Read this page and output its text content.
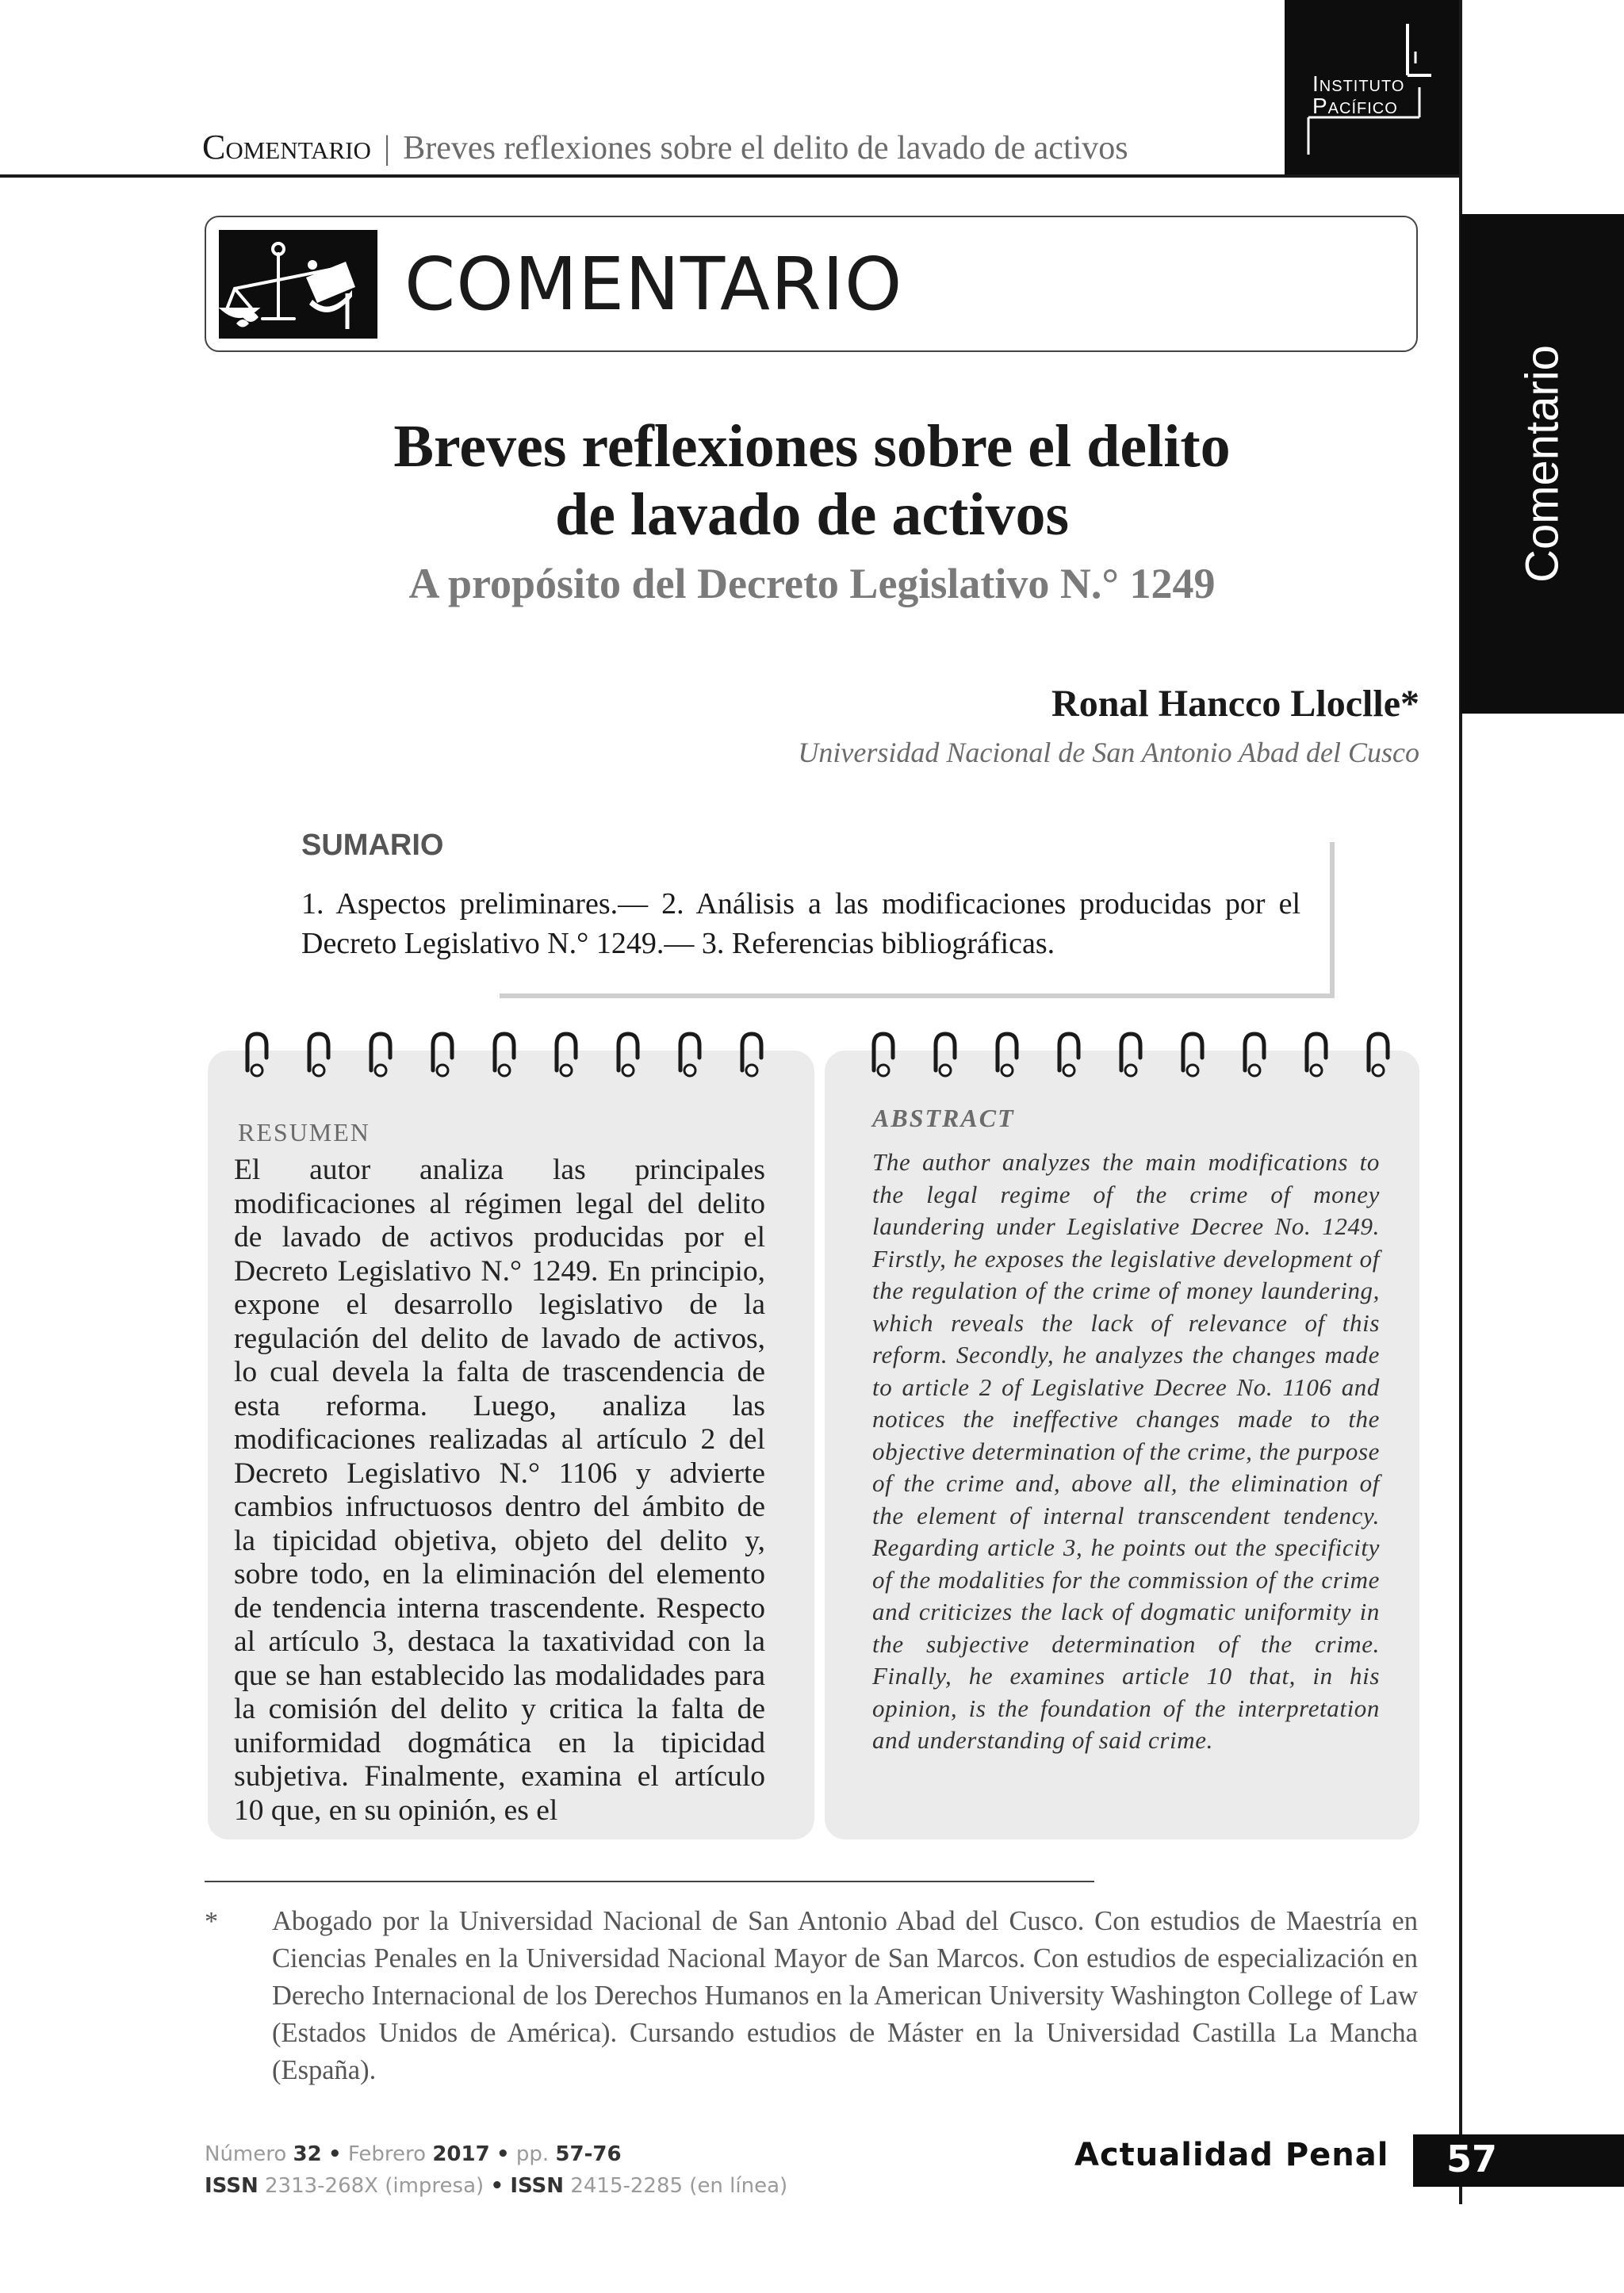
Comentario | Breves reflexiones sobre el delito de lavado de activos
Instituto
Pacífico
Comentario
COMENTARIO
Breves reflexiones sobre el delito
de lavado de activos
A propósito del Decreto Legislativo N.° 1249
Ronal Hancco Lloclle*
Universidad Nacional de San Antonio Abad del Cusco
SUMARIO
1. Aspectos preliminares.— 2. Análisis a las modificaciones producidas por el Decreto Legislativo N.° 1249.— 3. Referencias bibliográficas.
RESUMEN
El autor analiza las principales modificaciones al régimen legal del delito de lavado de activos producidas por el Decreto Legislativo N.° 1249. En principio, expone el desarrollo legislativo de la regulación del delito de lavado de activos, lo cual devela la falta de trascendencia de esta reforma. Luego, analiza las modificaciones realizadas al artículo 2 del Decreto Legislativo N.° 1106 y advierte cambios infructuosos dentro del ámbito de la tipicidad objetiva, objeto del delito y, sobre todo, en la eliminación del elemento de tendencia interna trascendente. Respecto al artículo 3, destaca la taxatividad con la que se han establecido las modalidades para la comisión del delito y critica la falta de uniformidad dogmática en la tipicidad subjetiva. Finalmente, examina el artículo 10 que, en su opinión, es el
ABSTRACT
The author analyzes the main modifications to the legal regime of the crime of money laundering under Legislative Decree No. 1249. Firstly, he exposes the legislative development of the regulation of the crime of money laundering, which reveals the lack of relevance of this reform. Secondly, he analyzes the changes made to article 2 of Legislative Decree No. 1106 and notices the ineffective changes made to the objective determination of the crime, the purpose of the crime and, above all, the elimination of the element of internal transcendent tendency. Regarding article 3, he points out the specificity of the modalities for the commission of the crime and criticizes the lack of dogmatic uniformity in the subjective determination of the crime. Finally, he examines article 10 that, in his opinion, is the foundation of the interpretation and understanding of said crime.
* Abogado por la Universidad Nacional de San Antonio Abad del Cusco. Con estudios de Maestría en Ciencias Penales en la Universidad Nacional Mayor de San Marcos. Con estudios de especialización en Derecho Internacional de los Derechos Humanos en la American University Washington College of Law (Estados Unidos de América). Cursando estudios de Máster en la Universidad Castilla La Mancha (España).
Número 32 • Febrero 2017 • pp. 57-76
ISSN 2313-268X (impresa) • ISSN 2415-2285 (en línea)
Actualidad Penal 57
